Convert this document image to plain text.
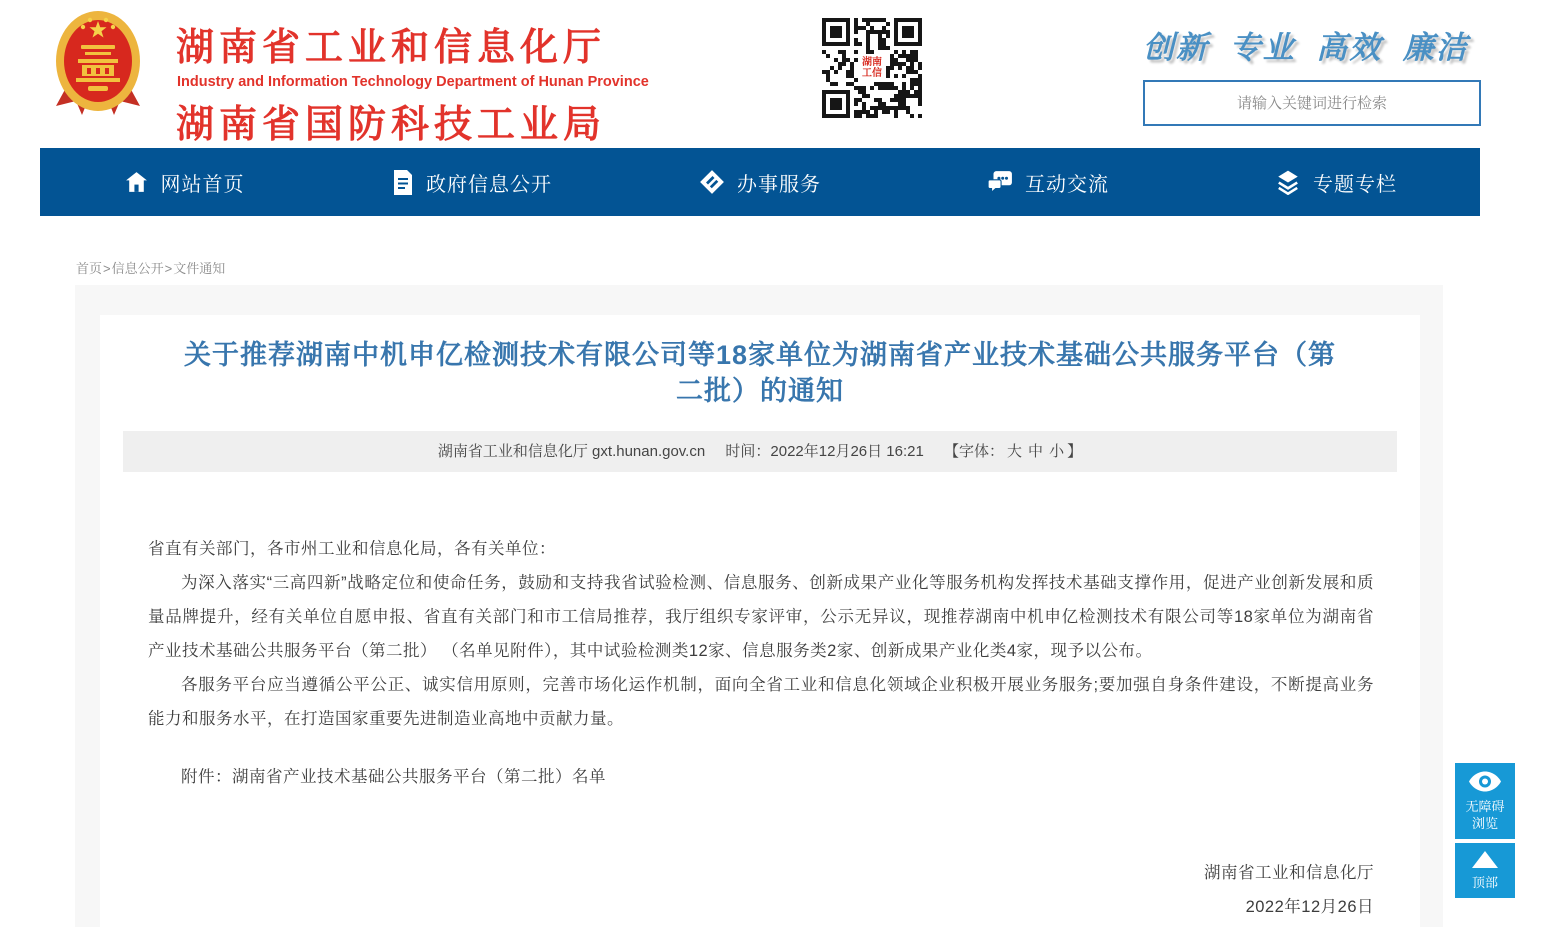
湖南省工业和信息化厅
Industry and Information Technology Department of Hunan Province
湖南省国防科技工业局
湖南工信
创新 专业 高效 廉洁
请输入关键词进行检索
网站首页	政府信息公开	办事服务	互动交流	专题专栏
首页>信息公开>文件通知
关于推荐湖南中机申亿检测技术有限公司等18家单位为湖南省产业技术基础公共服务平台（第二批）的通知
湖南省工业和信息化厅 gxt.hunan.gov.cn 时间：2022年12月26日 16:21 【字体： 大 中 小 】

省直有关部门，各市州工业和信息化局，各有关单位：

为深入落实“三高四新”战略定位和使命任务，鼓励和支持我省试验检测、信息服务、创新成果产业化等服务机构发挥技术基础支撑作用，促进产业创新发展和质量品牌提升，经有关单位自愿申报、省直有关部门和市工信局推荐，我厅组织专家评审，公示无异议，现推荐湖南中机申亿检测技术有限公司等18家单位为湖南省产业技术基础公共服务平台（第二批） （名单见附件），其中试验检测类12家、信息服务类2家、创新成果产业化类4家，现予以公布。

各服务平台应当遵循公平公正、诚实信用原则，完善市场化运作机制，面向全省工业和信息化领域企业积极开展业务服务;要加强自身条件建设，不断提高业务能力和服务水平，在打造国家重要先进制造业高地中贡献力量。

附件：湖南省产业技术基础公共服务平台（第二批）名单

湖南省工业和信息化厅
2022年12月26日
无障碍浏览
顶部
